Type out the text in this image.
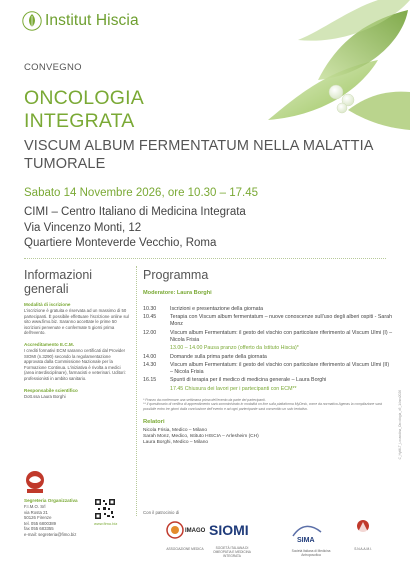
Institut Hiscia
CONVEGNO
ONCOLOGIA
INTEGRATA
VISCUM ALBUM FERMENTATUM NELLA MALATTIA TUMORALE
Sabato 14 Novembre 2026, ore 10.30 – 17.45
CIMI – Centro Italiano di Medicina Integrata
Via Vincenzo Monti, 12
Quartiere Monteverde Vecchio, Roma
Informazioni
generali
Modalità di iscrizione
L'iscrizione è gratuita e riservata ad un massimo di 50 partecipanti. È possibile effettuare l'iscrizione online sul sito www.fimo.biz. Saranno accettate le prime 50 iscrizioni pervenute e confermate 5 giorni prima dell'evento.
Accreditamento E.C.M.
I crediti formativi ECM saranno certificati dal Provider SIOMI (n.3290) secondo la regolamentazione approvata dalla Commissione Nazionale per la Formazione Continua. L'iniziativa è rivolta a medici (area interdisciplinare), farmacisti e veterinari. Uditori: professionisti in ambito sanitario.
Responsabile scientifico
Dott.ssa Laura Borghi
Segreteria Organizzativa
F.I.M.O. Srl
via Rosta 21
50126 Firenze
tel. 055 6800389
fax 055 683355
e-mail: segreteria@fimo.biz
www.fimo.biz
Programma
Moderatore: Laura Borghi
10.30	Iscrizioni e presentazione della giornata
10.45	Terapia con Viscum album fermentatum – nuove conoscenze sull'uso degli alberi ospiti - Sarah Monz
12.00	Viscum album Fermentatum: il gesto del vischio con particolare riferimento al Viscum Ulmi (I) – Nicola Frisia
13.00 – 14.00 Pausa pranzo (offerto da Istituto Hiscia)*
14.00	Domande sulla prima parte della giornata
14.30	Viscum album Fermentatum: il gesto del vischio con particolare riferimento al Viscum Ulmi (II) – Nicola Frisia
16.15	Spunti di terapia per il medico di medicina generale – Laura Borghi
17.45 Chiusura dei lavori per i partecipanti con ECM**
* Pranzo da confermare una settimana prima dell'evento da parte dei partecipanti.
** Il questionario di verifica di apprendimento sarà somministrato in modalità on line sulla piattaforma MyDesk, come da normativa Agenas la compilazione sarà possibile entro tre giorni dalla conclusione dell'evento e ad ogni partecipante sarà consentito un solo tentativo.
Relatori
Nicola Frisia, Medico – Milano
Sarah Monz, Medico, Istituto HISCIA – Arlesheim (CH)
Laura Borghi, Medico – Milano
Con il patrocinio di
IMAGO
ASSOCIAZIONE MEDICA
SIOMI
SOCIETÀ ITALIANA DI OMEOPATIA E MEDICINA INTEGRATA
SIMA
Società Italiana di Medicina Antroposofica
S.N.A.A.M.I.
C_HyMLT_Locandina_Oncologia_v5_14nov2026
